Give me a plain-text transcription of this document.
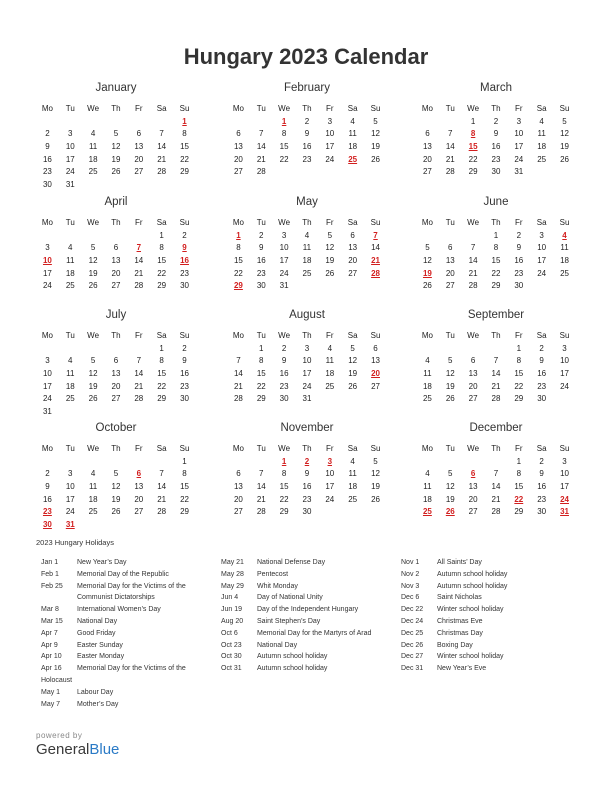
Hungary 2023 Calendar
January
Mo	Tu	We	Th	Fr	Sa	Su
						1
2	3	4	5	6	7	8
9	10	11	12	13	14	15
16	17	18	19	20	21	22
23	24	25	26	27	28	29
30	31					
February
Mo	Tu	We	Th	Fr	Sa	Su
		1	2	3	4	5
6	7	8	9	10	11	12
13	14	15	16	17	18	19
20	21	22	23	24	25	26
27	28					
March
Mo	Tu	We	Th	Fr	Sa	Su
		1	2	3	4	5
6	7	8	9	10	11	12
13	14	15	16	17	18	19
20	21	22	23	24	25	26
27	28	29	30	31		
April
Mo	Tu	We	Th	Fr	Sa	Su
					1	2
3	4	5	6	7	8	9
10	11	12	13	14	15	16
17	18	19	20	21	22	23
24	25	26	27	28	29	30
May
Mo	Tu	We	Th	Fr	Sa	Su
1	2	3	4	5	6	7
8	9	10	11	12	13	14
15	16	17	18	19	20	21
22	23	24	25	26	27	28
29	30	31				
June
Mo	Tu	We	Th	Fr	Sa	Su
			1	2	3	4
5	6	7	8	9	10	11
12	13	14	15	16	17	18
19	20	21	22	23	24	25
26	27	28	29	30		
July
Mo	Tu	We	Th	Fr	Sa	Su
					1	2
3	4	5	6	7	8	9
10	11	12	13	14	15	16
17	18	19	20	21	22	23
24	25	26	27	28	29	30
31						
August
Mo	Tu	We	Th	Fr	Sa	Su
	1	2	3	4	5	6
7	8	9	10	11	12	13
14	15	16	17	18	19	20
21	22	23	24	25	26	27
28	29	30	31			
September
Mo	Tu	We	Th	Fr	Sa	Su
				1	2	3
4	5	6	7	8	9	10
11	12	13	14	15	16	17
18	19	20	21	22	23	24
25	26	27	28	29	30	
October
Mo	Tu	We	Th	Fr	Sa	Su
						1
2	3	4	5	6	7	8
9	10	11	12	13	14	15
16	17	18	19	20	21	22
23	24	25	26	27	28	29
30	31					
November
Mo	Tu	We	Th	Fr	Sa	Su
		1	2	3	4	5
6	7	8	9	10	11	12
13	14	15	16	17	18	19
20	21	22	23	24	25	26
27	28	29	30			
December
Mo	Tu	We	Th	Fr	Sa	Su
				1	2	3
4	5	6	7	8	9	10
11	12	13	14	15	16	17
18	19	20	21	22	23	24
25	26	27	28	29	30	31
2023 Hungary Holidays
Jan 1	New Year’s Day
Feb 1	Memorial Day of the Republic
Feb 25	Memorial Day for the Victims of the
Communist Dictatorships
Mar 8	International Women’s Day
Mar 15	National Day
Apr 7	Good Friday
Apr 9	Easter Sunday
Apr 10	Easter Monday
Apr 16	Memorial Day for the Victims of the
Holocaust
May 1	Labour Day
May 7	Mother’s Day
May 21	National Defense Day
May 28	Pentecost
May 29	Whit Monday
Jun 4	Day of National Unity
Jun 19	Day of the Independent Hungary
Aug 20	Saint Stephen’s Day
Oct 6	Memorial Day for the Martyrs of Arad
Oct 23	National Day
Oct 30	Autumn school holiday
Oct 31	Autumn school holiday
Nov 1	All Saints’ Day
Nov 2	Autumn school holiday
Nov 3	Autumn school holiday
Dec 6	Saint Nicholas
Dec 22	Winter school holiday
Dec 24	Christmas Eve
Dec 25	Christmas Day
Dec 26	Boxing Day
Dec 27	Winter school holiday
Dec 31	New Year’s Eve
powered by
GeneralBlue
